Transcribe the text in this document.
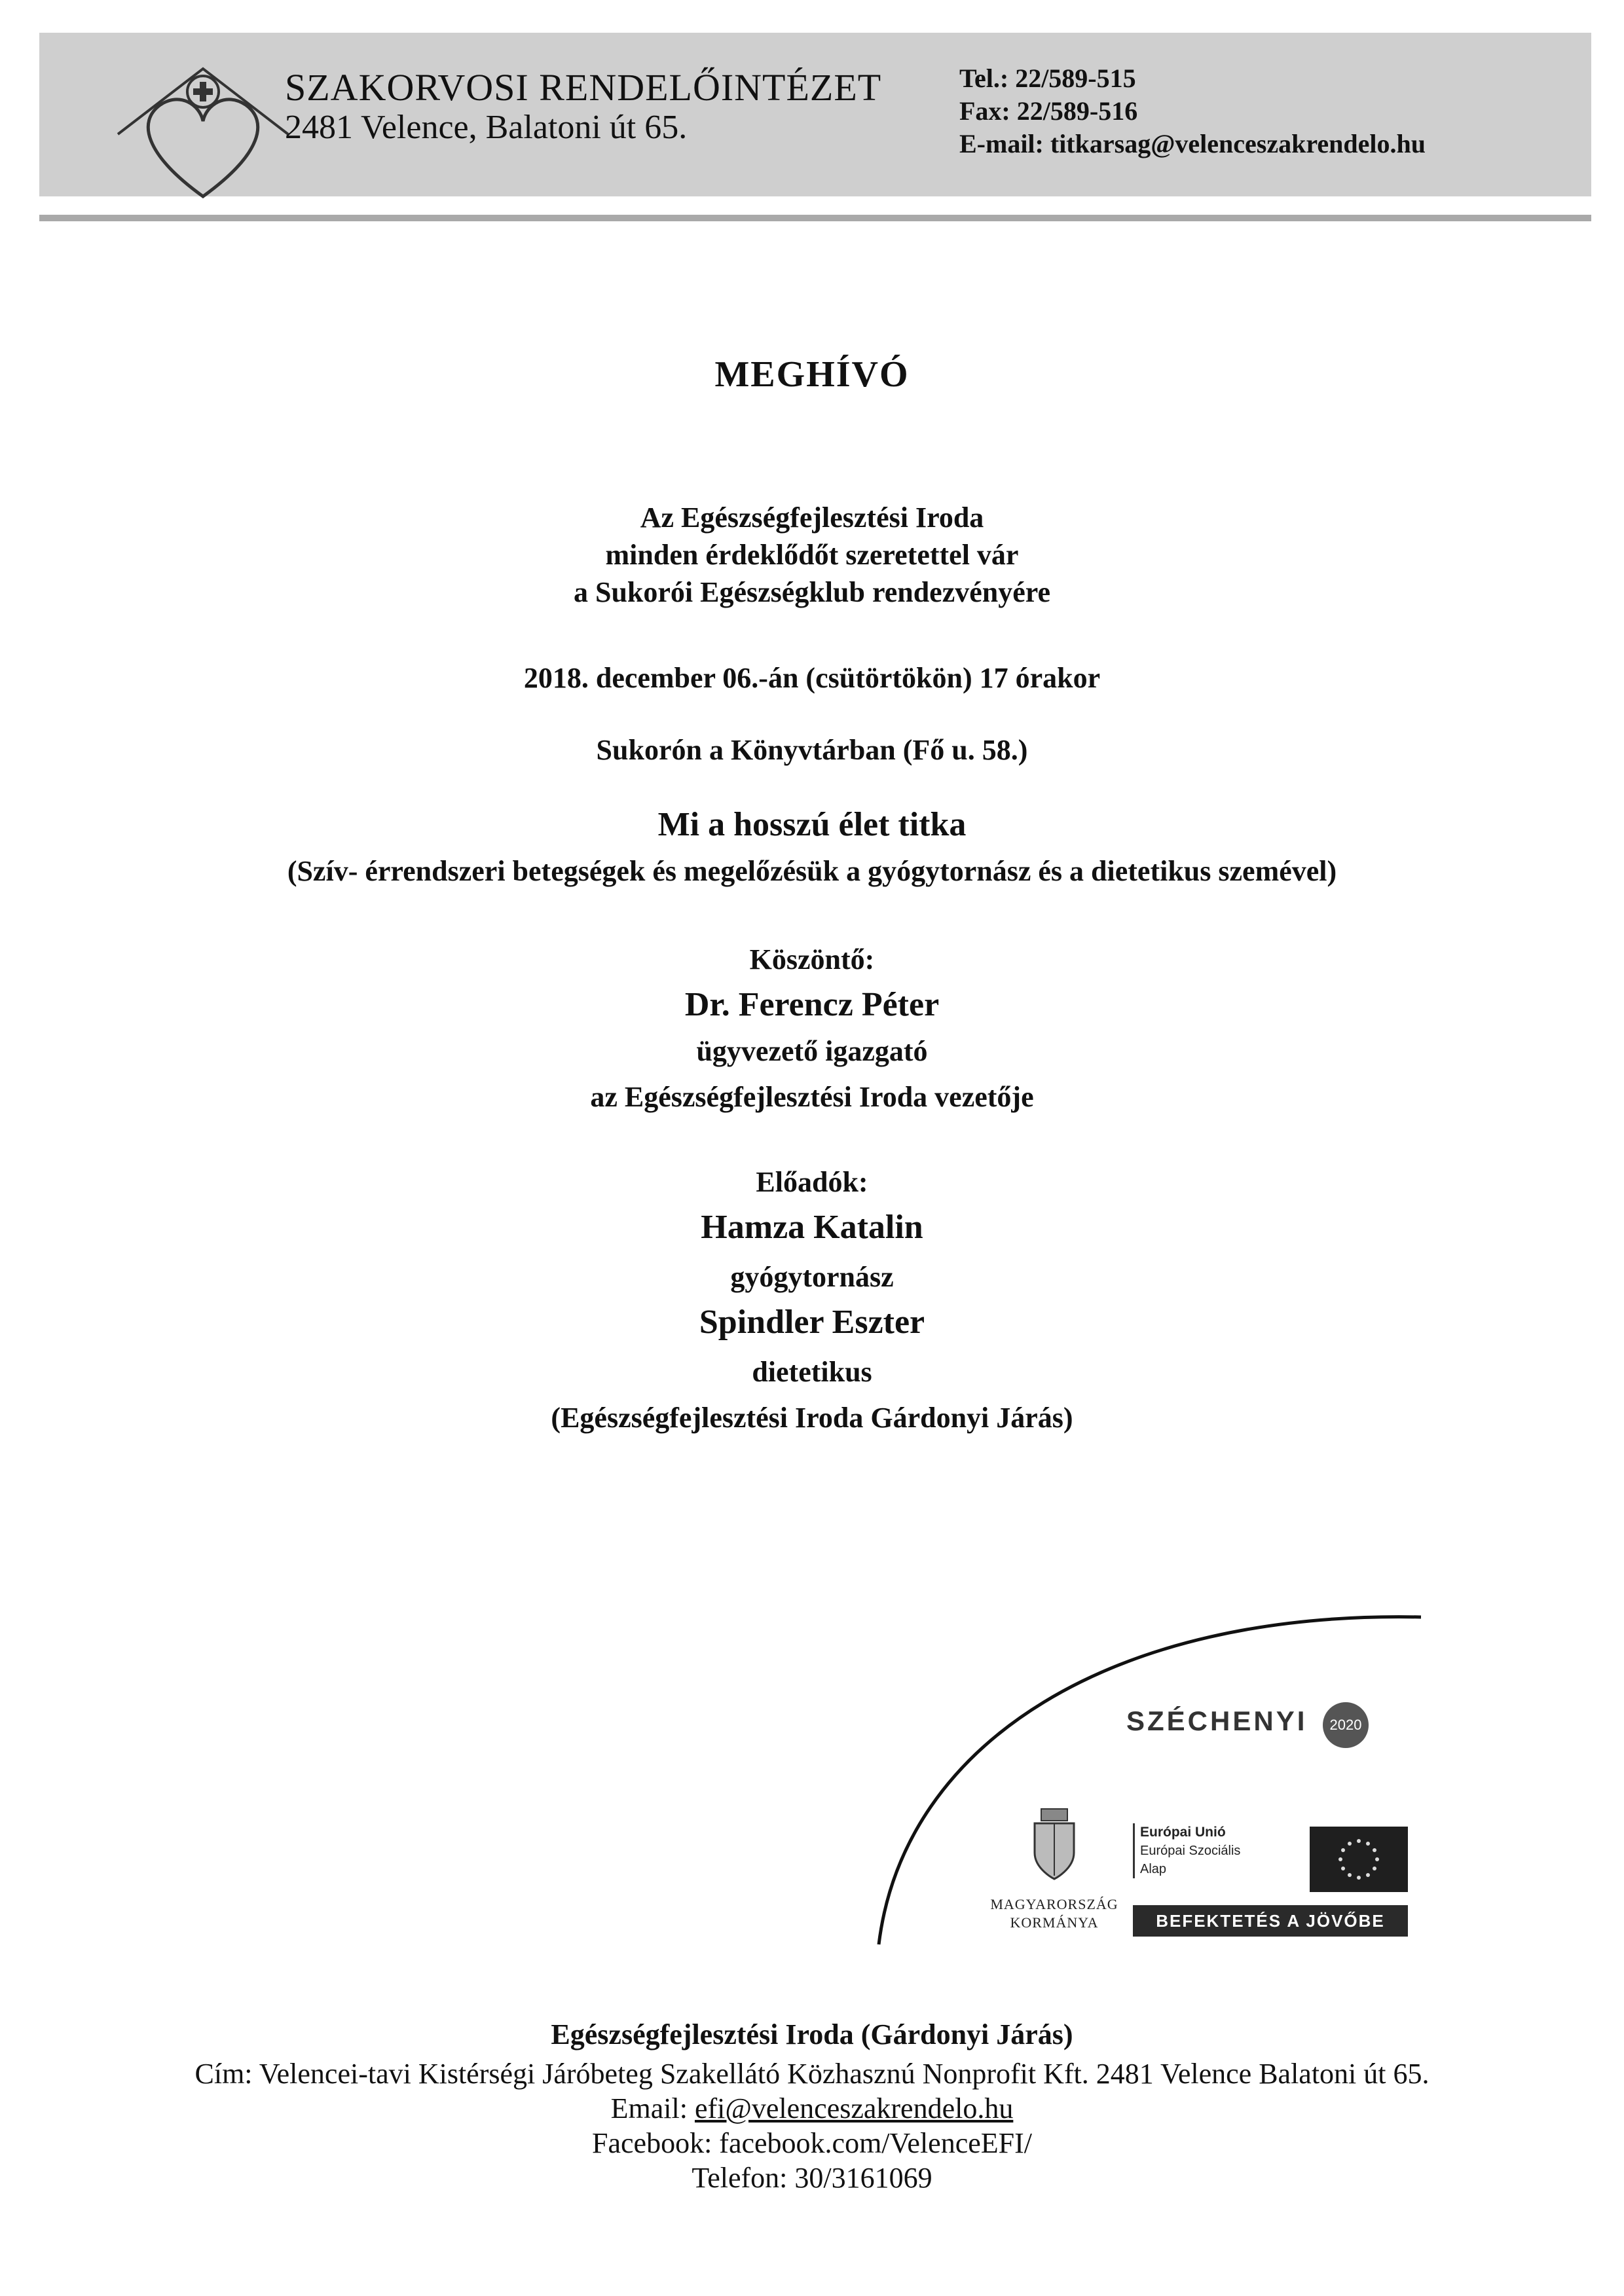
SZAKORVOSI RENDELŐINTÉZET
2481 Velence, Balatoni út 65.
Tel.: 22/589-515
Fax: 22/589-516
E-mail: titkarsag@velenceszakrendelo.hu
MEGHÍVÓ
Az Egészségfejlesztési Iroda
minden érdeklődőt szeretettel vár
a Sukorói Egészségklub rendezvényére
2018. december 06.-án (csütörtökön) 17 órakor
Sukorón a Könyvtárban (Fő u. 58.)
Mi a hosszú élet titka
(Szív- érrendszeri betegségek és megelőzésük a gyógytornász és a dietetikus szemével)
Köszöntő:
Dr. Ferencz Péter
ügyvezető igazgató
az Egészségfejlesztési Iroda vezetője
Előadók:
Hamza Katalin
gyógytornász
Spindler Eszter
dietetikus
(Egészségfejlesztési Iroda Gárdonyi Járás)
SZÉCHENYI	2020
MAGYARORSZÁG
KORMÁNYA
Európai Unió
Európai Szociális
Alap
BEFEKTETÉS A JÖVŐBE
Egészségfejlesztési Iroda (Gárdonyi Járás)
Cím: Velencei-tavi Kistérségi Járóbeteg Szakellátó Közhasznú Nonprofit Kft. 2481 Velence Balatoni út 65.
Email: efi@velenceszakrendelo.hu
Facebook: facebook.com/VelenceEFI/
Telefon: 30/3161069
